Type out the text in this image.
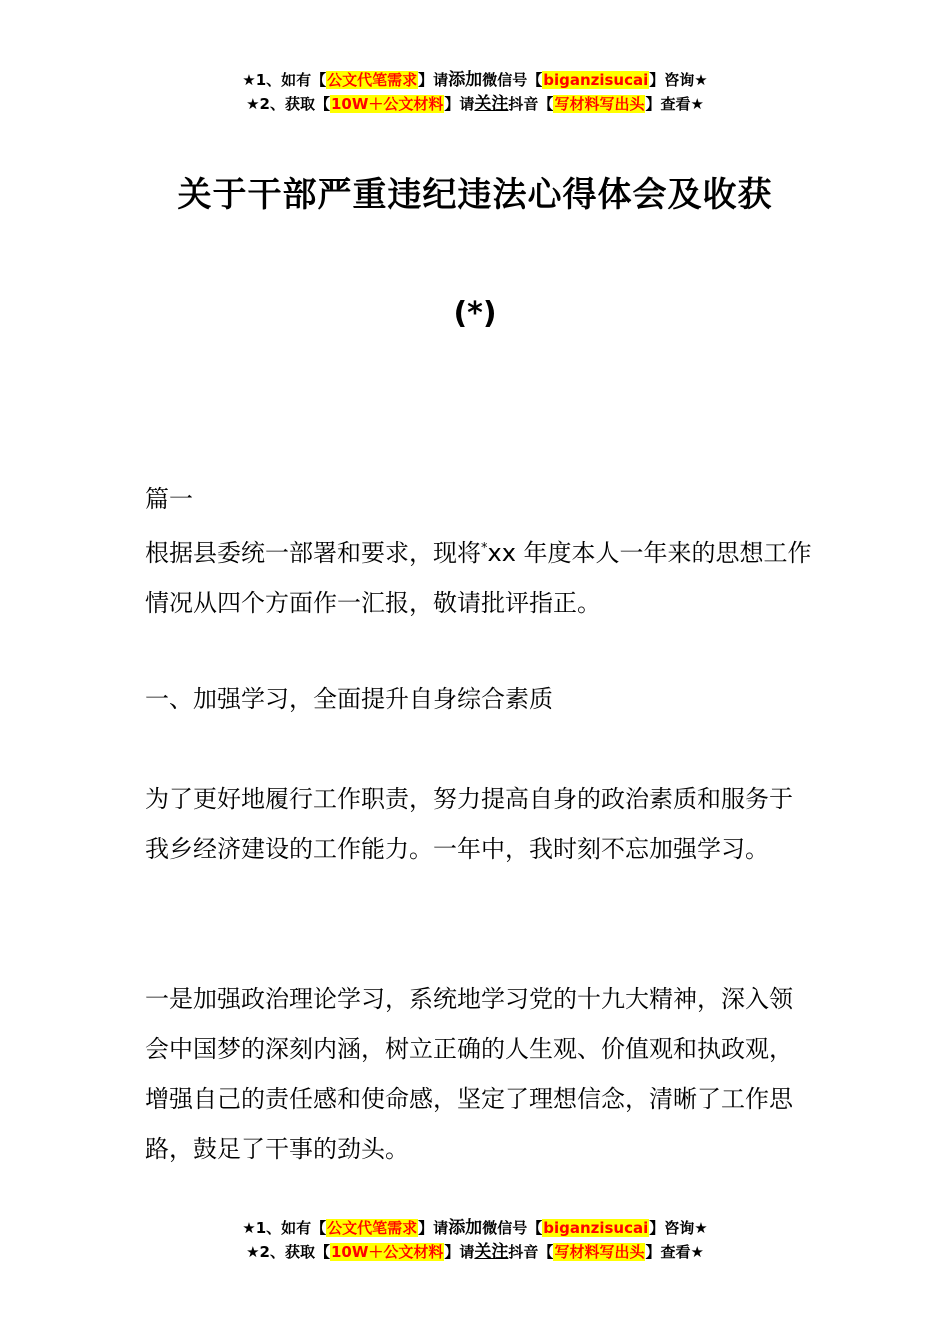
★1、如有【公文代笔需求】请添加微信号【biganzisucai】咨询★
★2、获取【10W＋公文材料】请关注抖音【写材料写出头】查看★
关于干部严重违纪违法心得体会及收获
(*)

篇一

根据县委统一部署和要求，现将*xx 年度本人一年来的思想工作情况从四个方面作一汇报，敬请批评指正。

一、加强学习，全面提升自身综合素质

为了更好地履行工作职责，努力提高自身的政治素质和服务于我乡经济建设的工作能力。一年中，我时刻不忘加强学习。

一是加强政治理论学习，系统地学习党的十九大精神，深入领会中国梦的深刻内涵，树立正确的人生观、价值观和执政观，增强自己的责任感和使命感，坚定了理想信念，清晰了工作思路，鼓足了干事的劲头。

★1、如有【公文代笔需求】请添加微信号【biganzisucai】咨询★
★2、获取【10W＋公文材料】请关注抖音【写材料写出头】查看★
